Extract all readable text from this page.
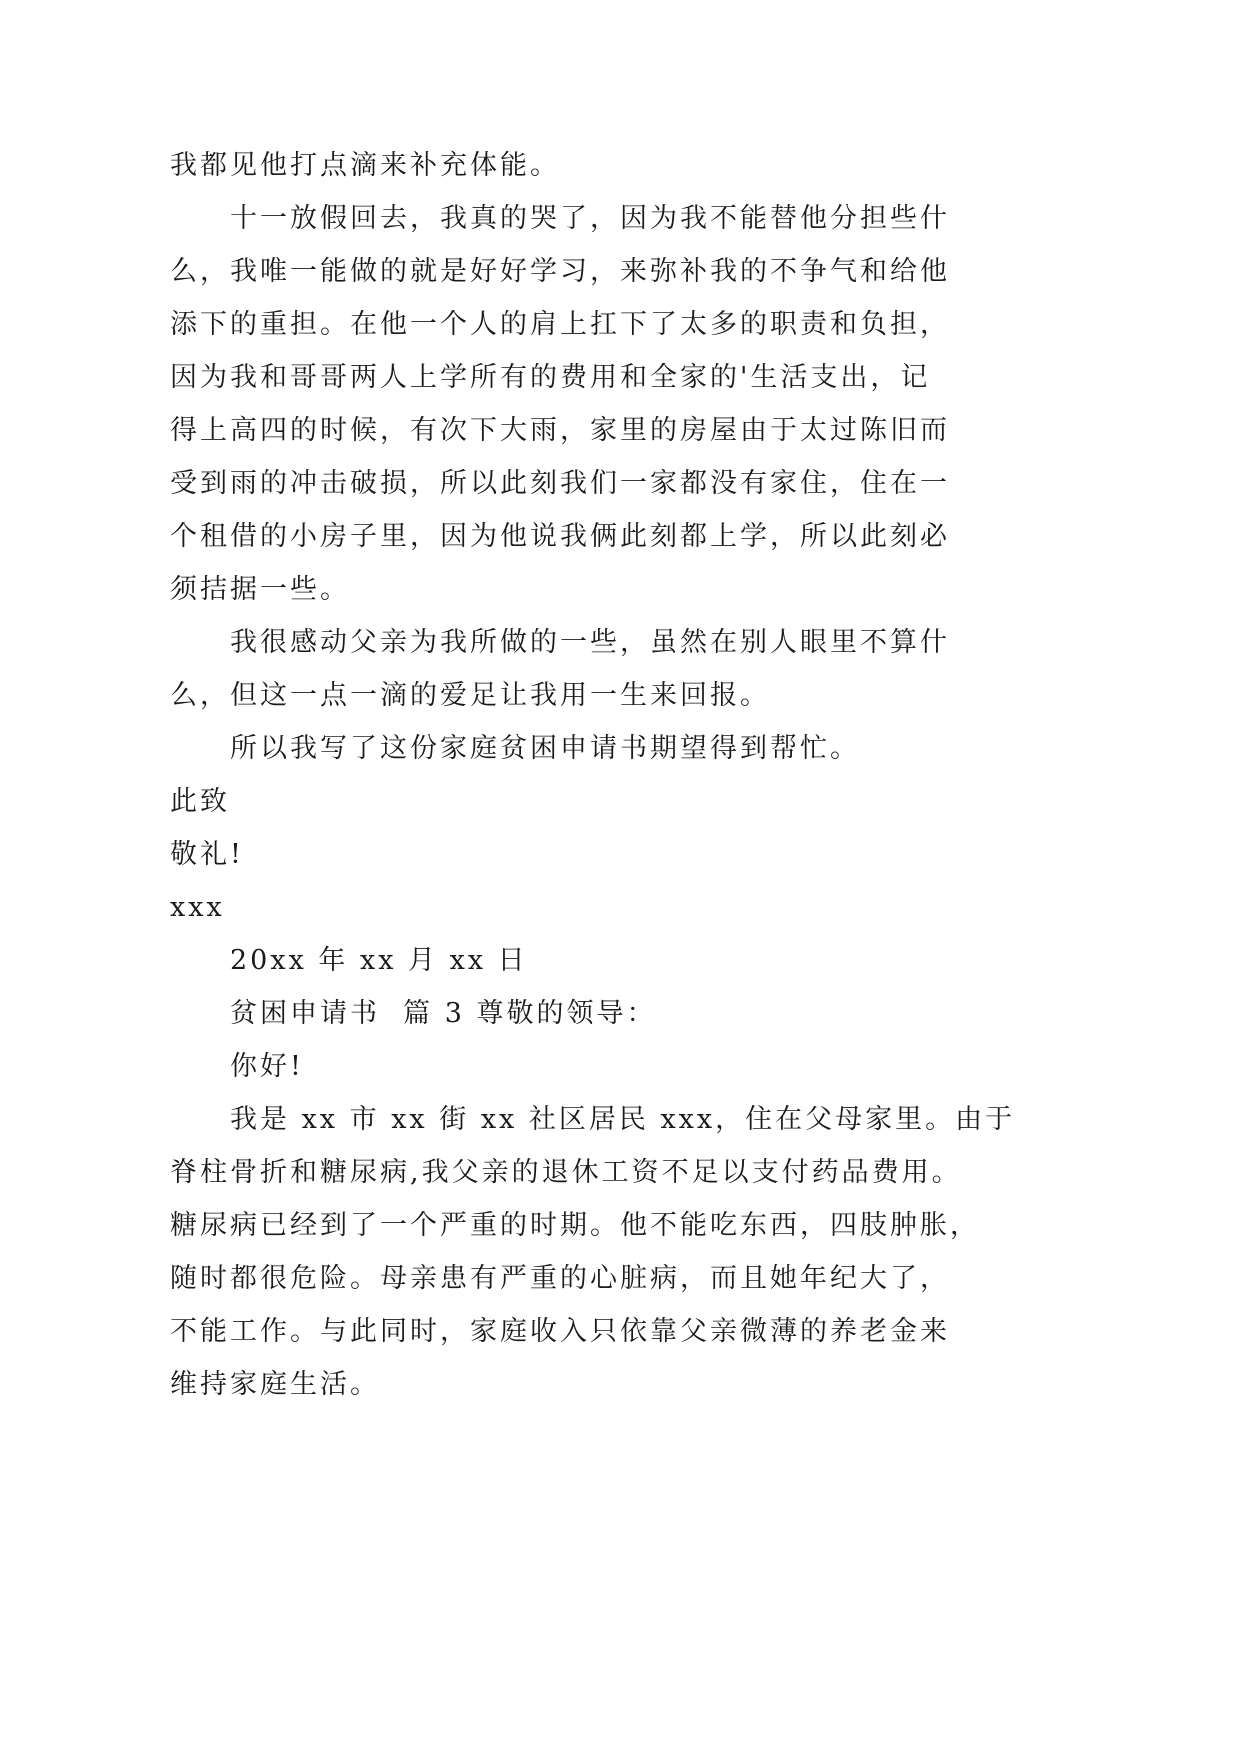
我都见他打点滴来补充体能。
十一放假回去，我真的哭了，因为我不能替他分担些什
么，我唯一能做的就是好好学习，来弥补我的不争气和给他
添下的重担。在他一个人的肩上扛下了太多的职责和负担，
因为我和哥哥两人上学所有的费用和全家的'生活支出，记
得上高四的时候，有次下大雨，家里的房屋由于太过陈旧而
受到雨的冲击破损，所以此刻我们一家都没有家住，住在一
个租借的小房子里，因为他说我俩此刻都上学，所以此刻必
须拮据一些。
我很感动父亲为我所做的一些，虽然在别人眼里不算什
么，但这一点一滴的爱足让我用一生来回报。
所以我写了这份家庭贫困申请书期望得到帮忙。
此致
敬礼!
xxx
20xx 年 xx 月 xx 日
贫困申请书  篇 3 尊敬的领导：
你好!
我是 xx 市 xx 街 xx 社区居民 xxx，住在父母家里。由于
脊柱骨折和糖尿病,我父亲的退休工资不足以支付药品费用。
糖尿病已经到了一个严重的时期。他不能吃东西，四肢肿胀，
随时都很危险。母亲患有严重的心脏病，而且她年纪大了，
不能工作。与此同时，家庭收入只依靠父亲微薄的养老金来
维持家庭生活。
